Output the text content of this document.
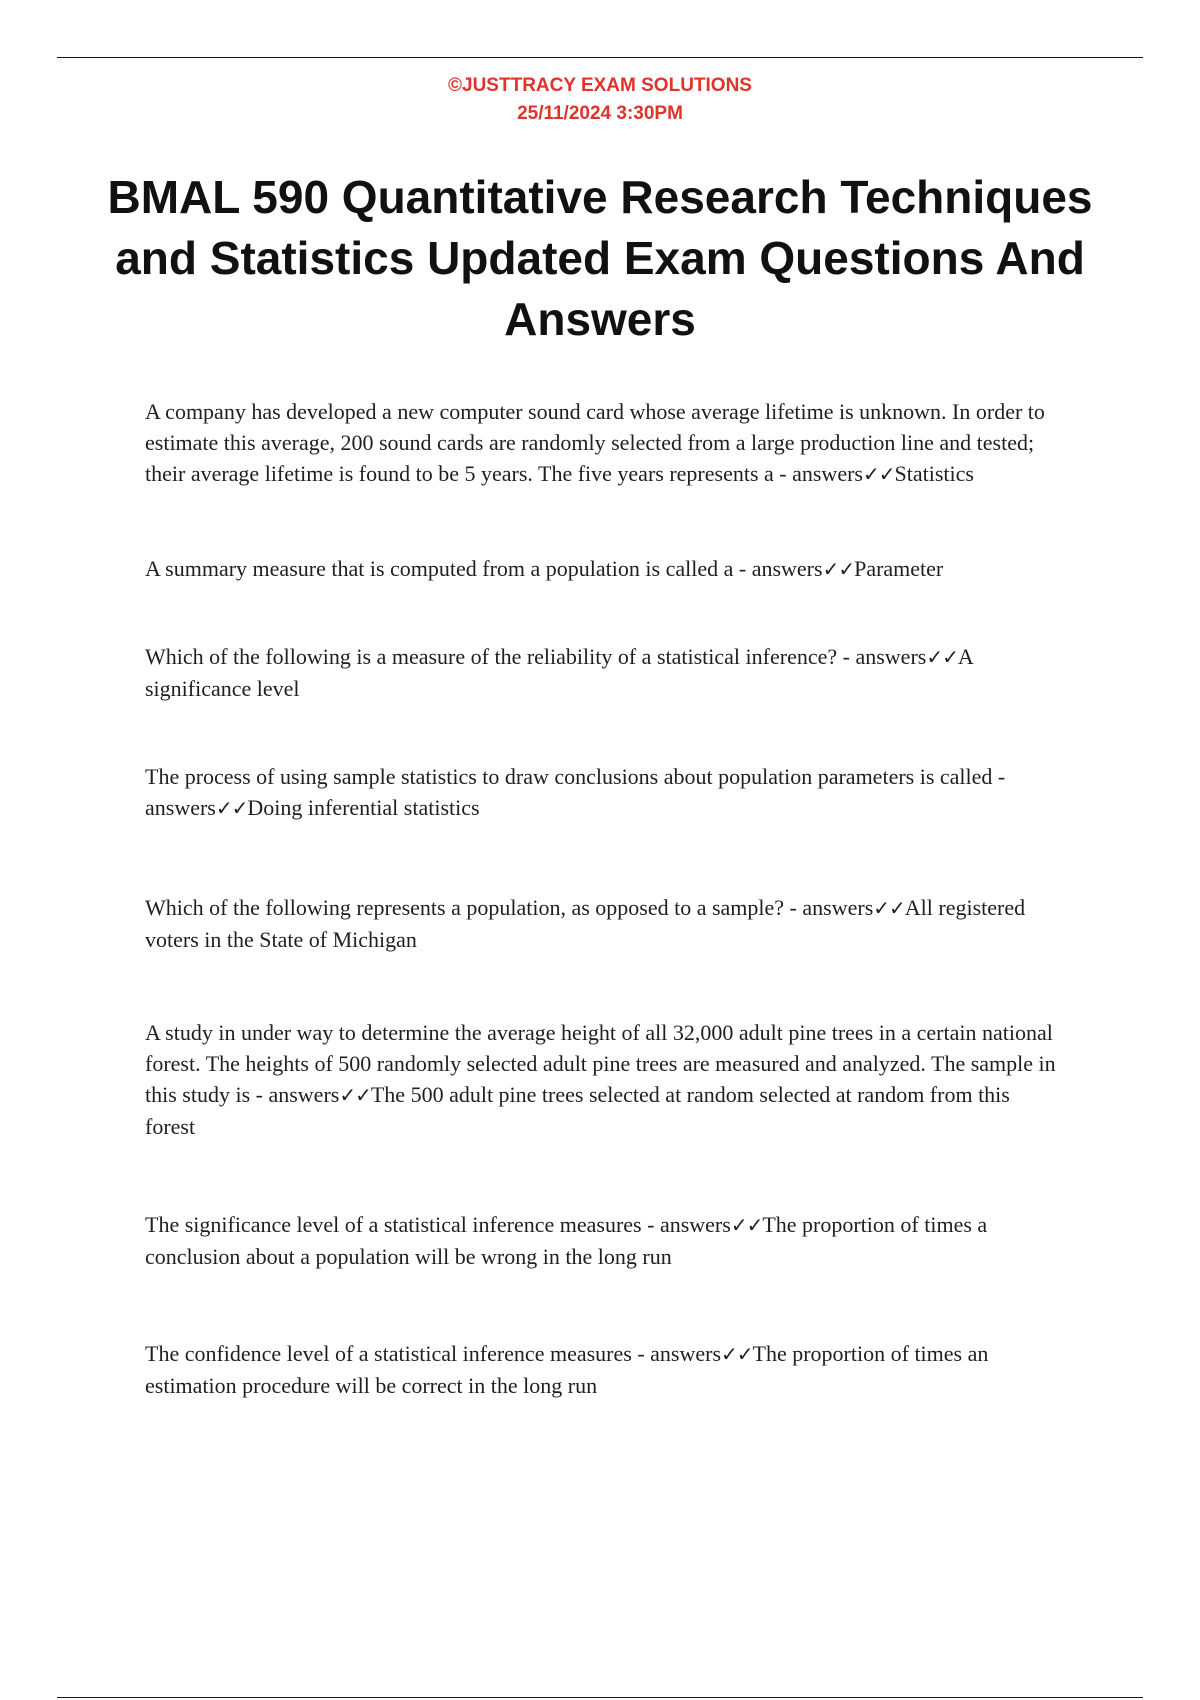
©JUSTTRACY EXAM SOLUTIONS
25/11/2024 3:30PM
BMAL 590 Quantitative Research Techniques and Statistics Updated Exam Questions And Answers
A company has developed a new computer sound card whose average lifetime is unknown. In order to estimate this average, 200 sound cards are randomly selected from a large production line and tested; their average lifetime is found to be 5 years. The five years represents a - answers✓✓Statistics
A summary measure that is computed from a population is called a - answers✓✓Parameter
Which of the following is a measure of the reliability of a statistical inference? - answers✓✓A significance level
The process of using sample statistics to draw conclusions about population parameters is called - answers✓✓Doing inferential statistics
Which of the following represents a population, as opposed to a sample? - answers✓✓All registered voters in the State of Michigan
A study in under way to determine the average height of all 32,000 adult pine trees in a certain national forest. The heights of 500 randomly selected adult pine trees are measured and analyzed. The sample in this study is - answers✓✓The 500 adult pine trees selected at random selected at random from this forest
The significance level of a statistical inference measures - answers✓✓The proportion of times a conclusion about a population will be wrong in the long run
The confidence level of a statistical inference measures - answers✓✓The proportion of times an estimation procedure will be correct in the long run
